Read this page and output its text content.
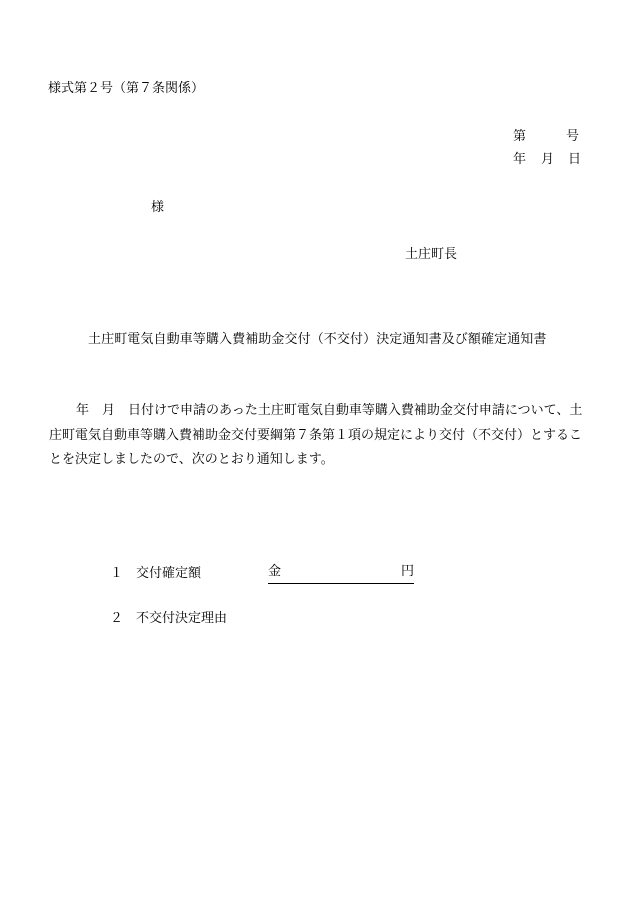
様式第２号（第７条関係）
第	号
年 月 日
様
土庄町長
土庄町電気自動車等購入費補助金交付（不交付）決定通知書及び額確定通知書
年　月　日付けで申請のあった土庄町電気自動車等購入費補助金交付申請について、土
庄町電気自動車等購入費補助金交付要綱第７条第１項の規定により交付（不交付）とするこ
とを決定しましたので、次のとおり通知します。
１ 交付確定額	金	円
２ 不交付決定理由
